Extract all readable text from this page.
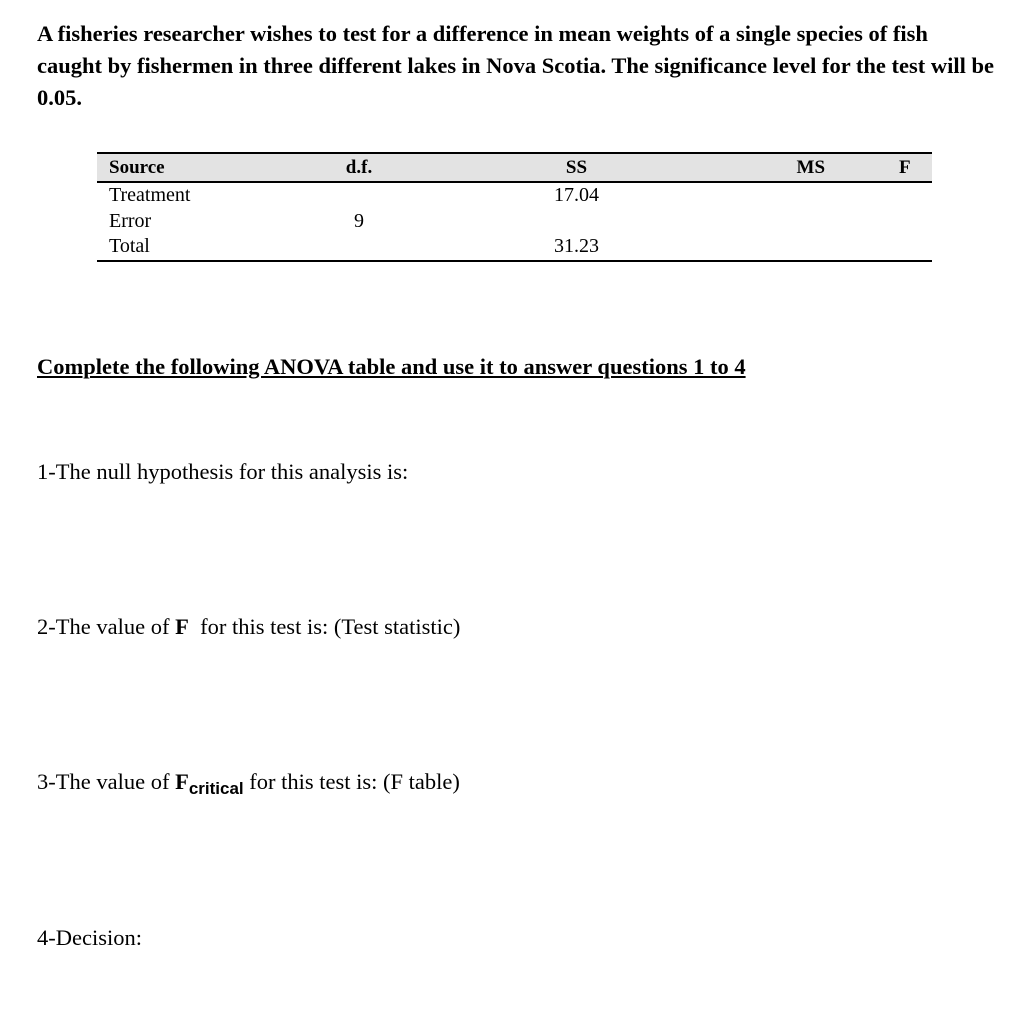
A fisheries researcher wishes to test for a difference in mean weights of a single species of fish caught by fishermen in three different lakes in Nova Scotia. The significance level for the test will be 0.05.

Source	d.f.	SS	MS	F
Treatment		17.04		
Error	9			
Total		31.23		

Complete the following ANOVA table and use it to answer questions 1 to 4

1-The null hypothesis for this analysis is:

2-The value of F  for this test is: (Test statistic)

3-The value of $F_{critical}$ for this test is: (F table)

4-Decision:
